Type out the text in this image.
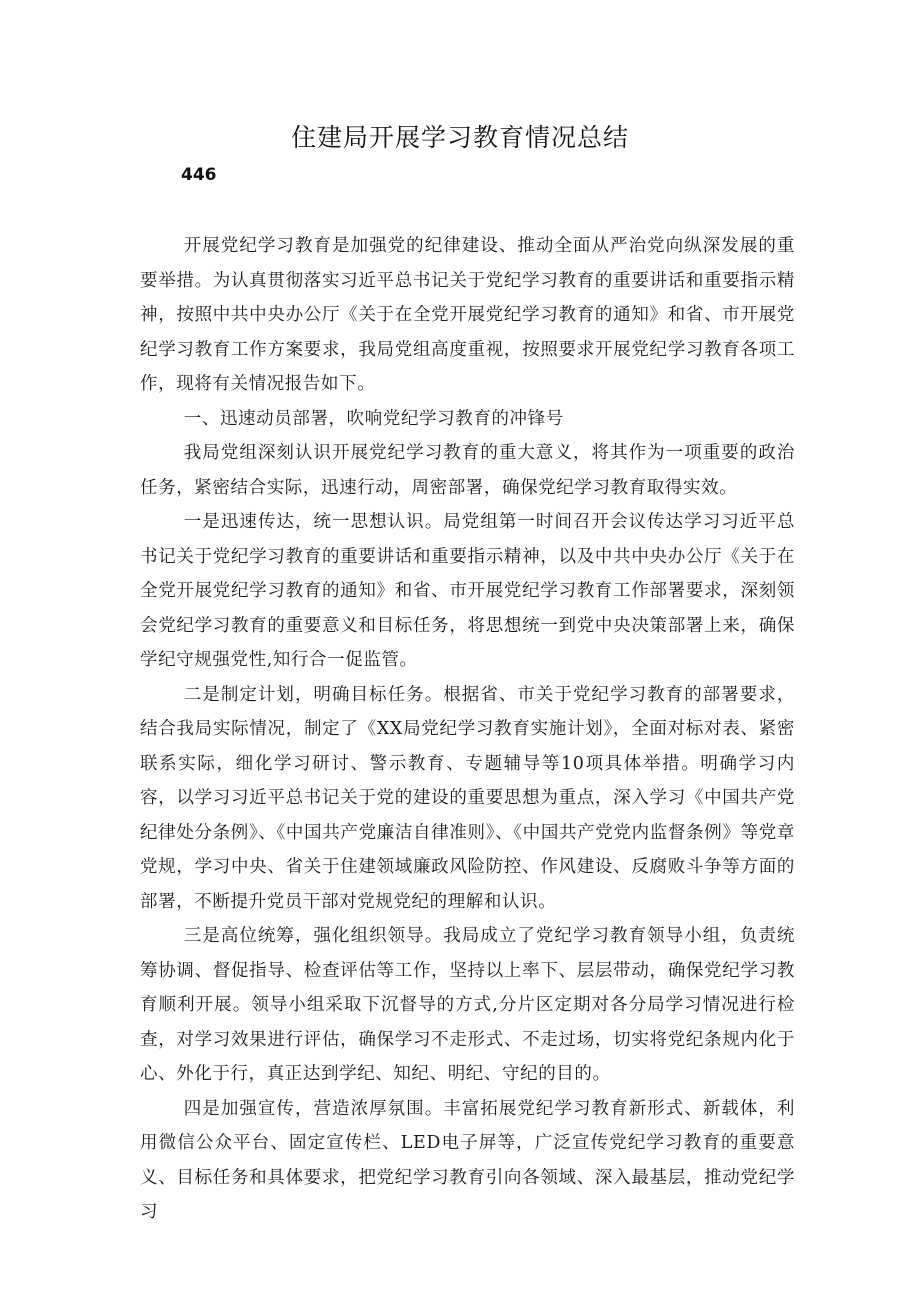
住建局开展学习教育情况总结
446

开展党纪学习教育是加强党的纪律建设、推动全面从严治党向纵深发展的重要举措。为认真贯彻落实习近平总书记关于党纪学习教育的重要讲话和重要指示精神，按照中共中央办公厅《关于在全党开展党纪学习教育的通知》和省、市开展党纪学习教育工作方案要求，我局党组高度重视，按照要求开展党纪学习教育各项工作，现将有关情况报告如下。

一、迅速动员部署，吹响党纪学习教育的冲锋号

我局党组深刻认识开展党纪学习教育的重大意义，将其作为一项重要的政治任务，紧密结合实际，迅速行动，周密部署，确保党纪学习教育取得实效。

一是迅速传达，统一思想认识。局党组第一时间召开会议传达学习习近平总书记关于党纪学习教育的重要讲话和重要指示精神，以及中共中央办公厅《关于在全党开展党纪学习教育的通知》和省、市开展党纪学习教育工作部署要求，深刻领会党纪学习教育的重要意义和目标任务，将思想统一到党中央决策部署上来，确保学纪守规强党性,知行合一促监管。

二是制定计划，明确目标任务。根据省、市关于党纪学习教育的部署要求，结合我局实际情况，制定了《XX局党纪学习教育实施计划》，全面对标对表、紧密联系实际，细化学习研讨、警示教育、专题辅导等10项具体举措。明确学习内容，以学习习近平总书记关于党的建设的重要思想为重点，深入学习《中国共产党纪律处分条例》、《中国共产党廉洁自律准则》、《中国共产党党内监督条例》等党章党规，学习中央、省关于住建领域廉政风险防控、作风建设、反腐败斗争等方面的部署，不断提升党员干部对党规党纪的理解和认识。

三是高位统筹，强化组织领导。我局成立了党纪学习教育领导小组，负责统筹协调、督促指导、检查评估等工作，坚持以上率下、层层带动，确保党纪学习教育顺利开展。领导小组采取下沉督导的方式,分片区定期对各分局学习情况进行检查，对学习效果进行评估，确保学习不走形式、不走过场，切实将党纪条规内化于心、外化于行，真正达到学纪、知纪、明纪、守纪的目的。

四是加强宣传，营造浓厚氛围。丰富拓展党纪学习教育新形式、新载体，利用微信公众平台、固定宣传栏、LED电子屏等，广泛宣传党纪学习教育的重要意义、目标任务和具体要求，把党纪学习教育引向各领域、深入最基层，推动党纪学习
